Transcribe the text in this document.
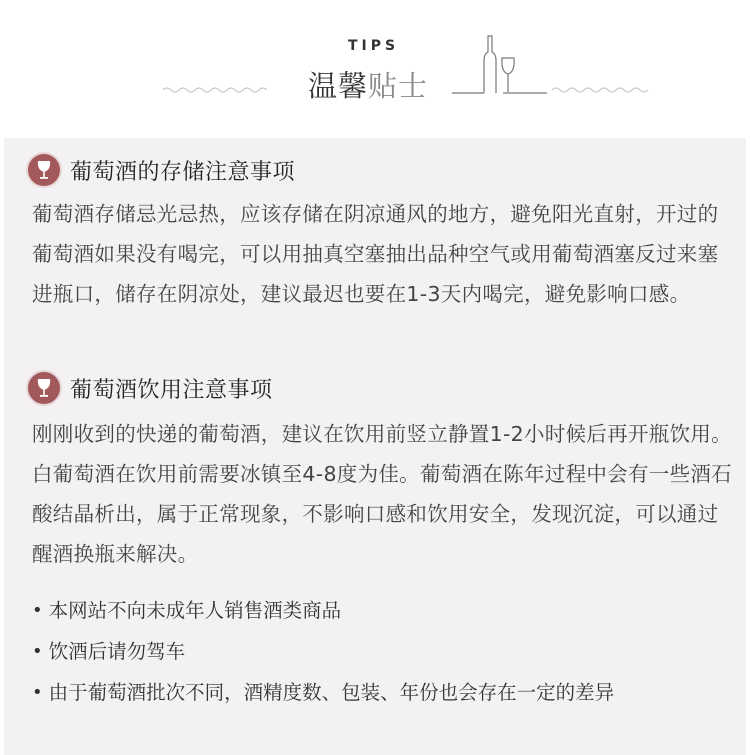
TIPS
温馨贴士
葡萄酒的存储注意事项
葡萄酒存储忌光忌热，应该存储在阴凉通风的地方，避免阳光直射，开过的葡萄酒如果没有喝完，可以用抽真空塞抽出品种空气或用葡萄酒塞反过来塞进瓶口，储存在阴凉处，建议最迟也要在1-3天内喝完，避免影响口感。
葡萄酒饮用注意事项
刚刚收到的快递的葡萄酒，建议在饮用前竖立静置1-2小时候后再开瓶饮用。白葡萄酒在饮用前需要冰镇至4-8度为佳。葡萄酒在陈年过程中会有一些酒石酸结晶析出，属于正常现象，不影响口感和饮用安全，发现沉淀，可以通过醒酒换瓶来解决。
• 本网站不向未成年人销售酒类商品
• 饮酒后请勿驾车
• 由于葡萄酒批次不同，酒精度数、包装、年份也会存在一定的差异
